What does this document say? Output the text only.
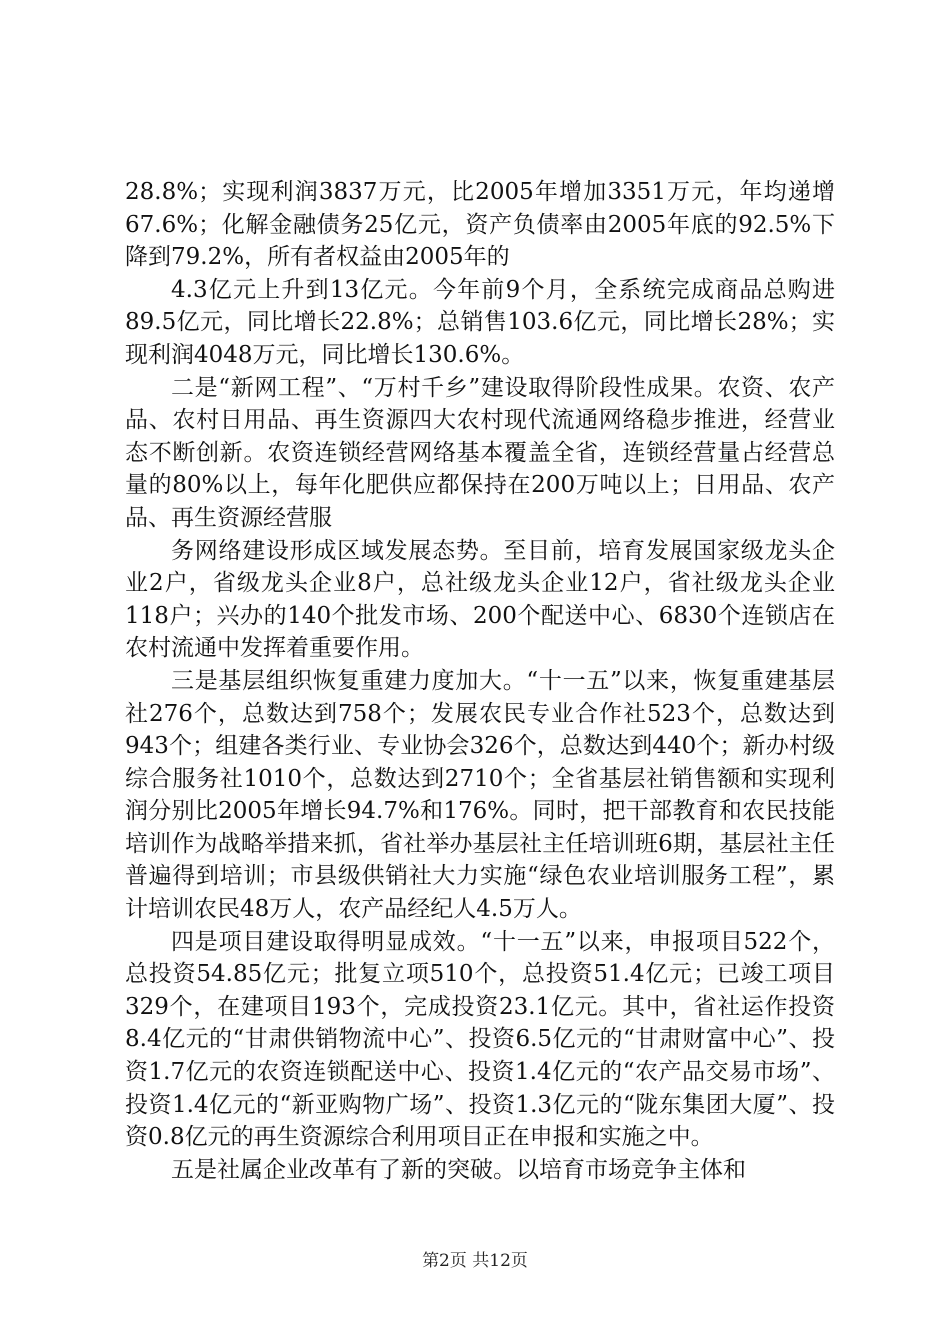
28.8%；实现利润3837万元，比2005年增加3351万元，年均递增67.6%；化解金融债务25亿元，资产负债率由2005年底的92.5%下降到79.2%，所有者权益由2005年的

4.3亿元上升到13亿元。今年前9个月，全系统完成商品总购进89.5亿元，同比增长22.8%；总销售103.6亿元，同比增长28%；实现利润4048万元，同比增长130.6%。

二是“新网工程”、“万村千乡”建设取得阶段性成果。农资、农产品、农村日用品、再生资源四大农村现代流通网络稳步推进，经营业态不断创新。农资连锁经营网络基本覆盖全省，连锁经营量占经营总量的80%以上，每年化肥供应都保持在200万吨以上；日用品、农产品、再生资源经营服

务网络建设形成区域发展态势。至目前，培育发展国家级龙头企业2户，省级龙头企业8户，总社级龙头企业12户，省社级龙头企业118户；兴办的140个批发市场、200个配送中心、6830个连锁店在农村流通中发挥着重要作用。

三是基层组织恢复重建力度加大。“十一五”以来，恢复重建基层社276个，总数达到758个；发展农民专业合作社523个，总数达到943个；组建各类行业、专业协会326个，总数达到440个；新办村级综合服务社1010个，总数达到2710个；全省基层社销售额和实现利润分别比2005年增长94.7%和176%。同时，把干部教育和农民技能培训作为战略举措来抓，省社举办基层社主任培训班6期，基层社主任普遍得到培训；市县级供销社大力实施“绿色农业培训服务工程”，累计培训农民48万人，农产品经纪人4.5万人。

四是项目建设取得明显成效。“十一五”以来，申报项目522个，总投资54.85亿元；批复立项510个，总投资51.4亿元；已竣工项目329个，在建项目193个，完成投资23.1亿元。其中，省社运作投资8.4亿元的“甘肃供销物流中心”、投资6.5亿元的“甘肃财富中心”、投资1.7亿元的农资连锁配送中心、投资1.4亿元的“农产品交易市场”、投资1.4亿元的“新亚购物广场”、投资1.3亿元的“陇东集团大厦”、投资0.8亿元的再生资源综合利用项目正在申报和实施之中。

五是社属企业改革有了新的突破。以培育市场竞争主体和

第2页 共12页
